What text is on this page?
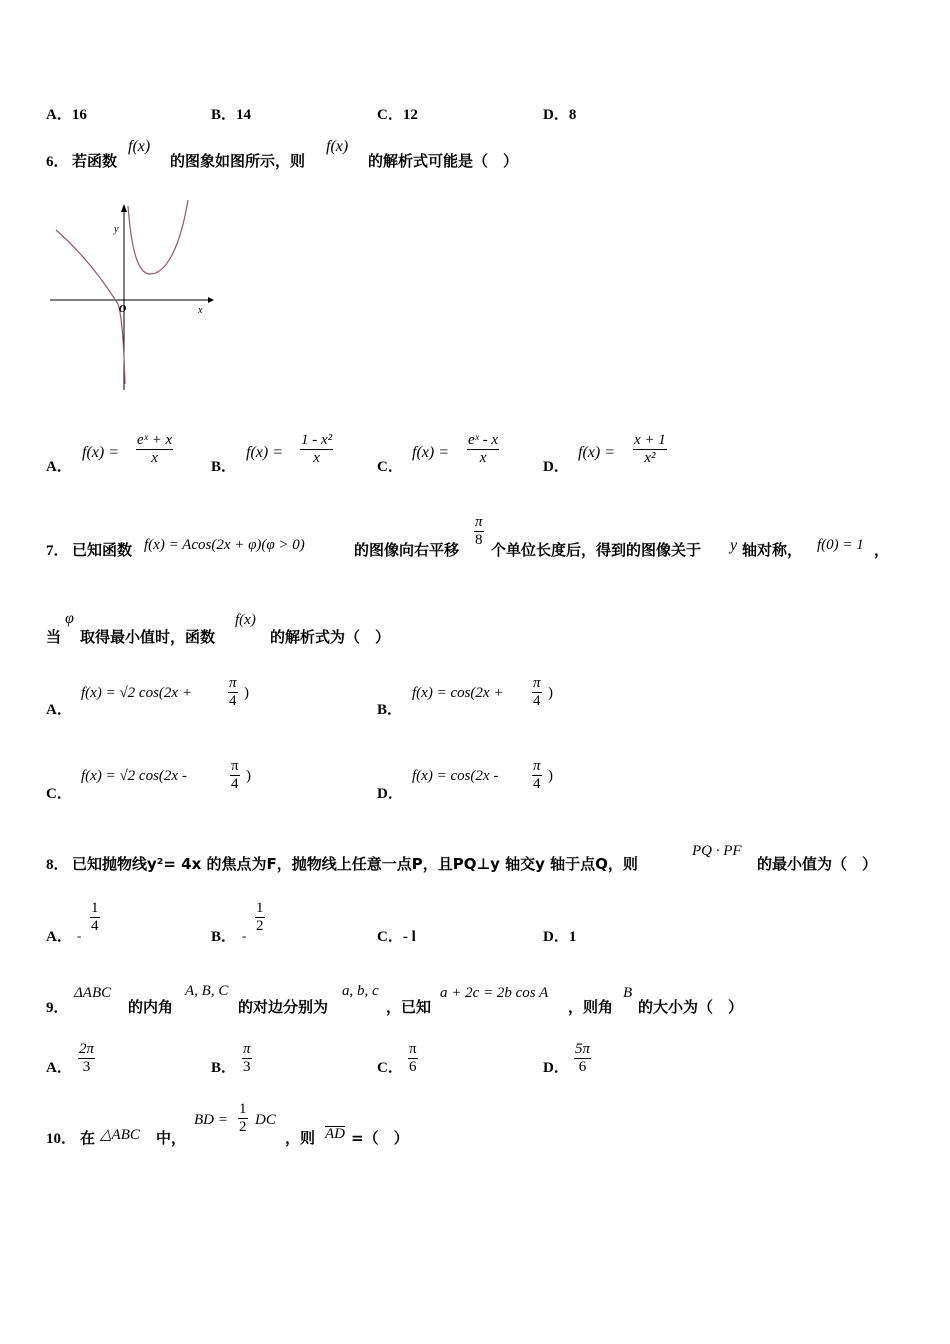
A．16	B．14	C．12	D．8
6． 若函数
f(x)
的图象如图所示，则
f(x)
的解析式可能是（　）
y
x
O
A．
$f(x) = \frac{\text{eˣ + x}}{x}$	B．
$f(x) = \frac{\text{1 - x²}}{x}$	C．
$f(x) = \frac{\text{eˣ - x}}{x}$	D．
$f(x) = \frac{x + 1}{\text{x²}}$
7． 已知函数 f(x) = Acos(2x + φ)(φ > 0)	的图像向右平移
$\frac{\pi}{8}$
个单位长度后，得到的图像关于 y 轴对称， f(0) = 1 ，
当
φ
取得最小值时，函数
f(x)
的解析式为（　）
A．
f(x) = √2 $\cos(2x + \frac{\pi}{4}$ )
B．
$f(x) = \cos(2x + \frac{\pi}{4}$ )
C．
f(x) = √2 cos(2x -	$\frac{\pi}{4}$ )
D．
$f(x) = \cos(2x - \frac{\pi}{4}$ )
8． 已知抛物线y²= 4x 的焦点为F，抛物线上任意一点P，且PQ⊥y 轴交y 轴于点Q，则
PQ · PF
的最小值为（　）
A． -
$\frac{1}{4}$
B． -
$\frac{1}{2}$
C．- l	D．1
9．
ΔABC
的内角
A, B, C
的对边分别为
a, b, c
，已知
a + 2c = 2b cos A
，则角
B
的大小为（　）
A． $\frac{2\pi}{3}$	B． $\frac{\pi}{3}$	C． $\frac{\pi}{6}$	D． $\frac{5\pi}{6}$
10． 在 △ABC 中，
BD = $\frac{1}{2}$ DC
，则 AD =（　）
